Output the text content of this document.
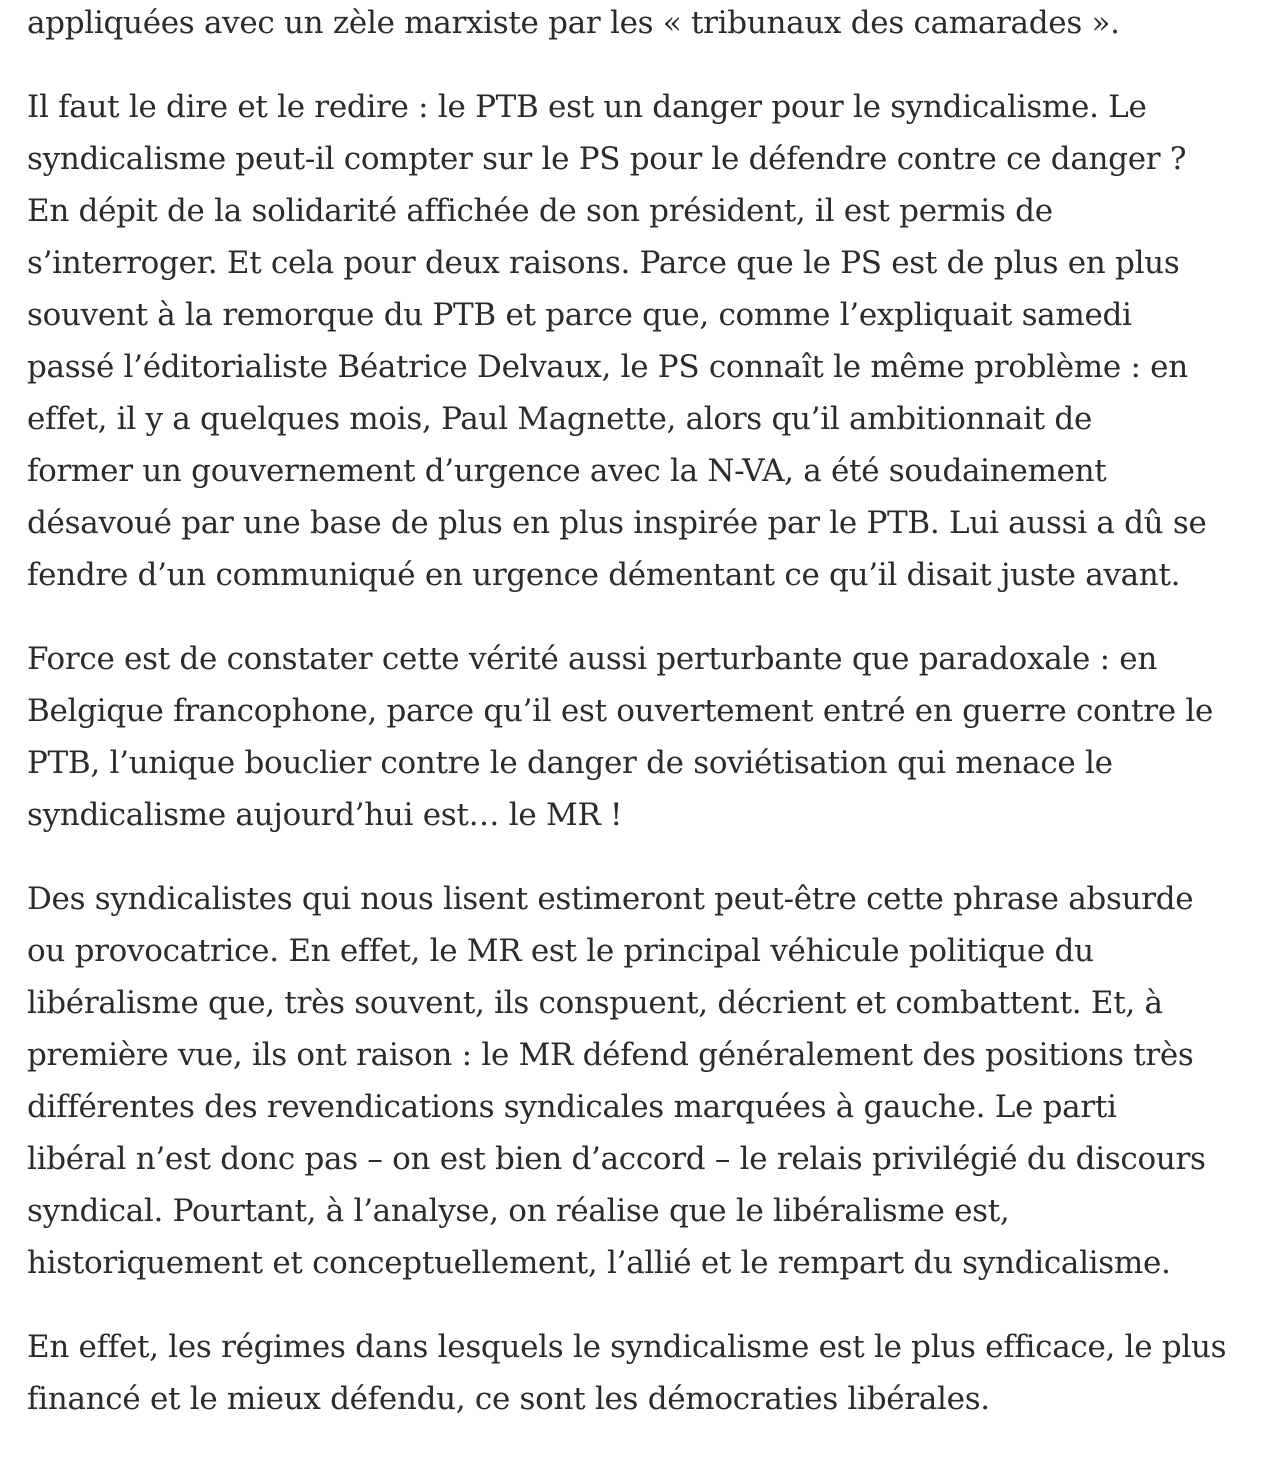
appliquées avec un zèle marxiste par les « tribunaux des camarades ».

Il faut le dire et le redire : le PTB est un danger pour le syndicalisme. Le
syndicalisme peut-il compter sur le PS pour le défendre contre ce danger ?
En dépit de la solidarité affichée de son président, il est permis de
s’interroger. Et cela pour deux raisons. Parce que le PS est de plus en plus
souvent à la remorque du PTB et parce que, comme l’expliquait samedi
passé l’éditorialiste Béatrice Delvaux, le PS connaît le même problème : en
effet, il y a quelques mois, Paul Magnette, alors qu’il ambitionnait de
former un gouvernement d’urgence avec la N-VA, a été soudainement
désavoué par une base de plus en plus inspirée par le PTB. Lui aussi a dû se
fendre d’un communiqué en urgence démentant ce qu’il disait juste avant.

Force est de constater cette vérité aussi perturbante que paradoxale : en
Belgique francophone, parce qu’il est ouvertement entré en guerre contre le
PTB, l’unique bouclier contre le danger de soviétisation qui menace le
syndicalisme aujourd’hui est… le MR !

Des syndicalistes qui nous lisent estimeront peut-être cette phrase absurde
ou provocatrice. En effet, le MR est le principal véhicule politique du
libéralisme que, très souvent, ils conspuent, décrient et combattent. Et, à
première vue, ils ont raison : le MR défend généralement des positions très
différentes des revendications syndicales marquées à gauche. Le parti
libéral n’est donc pas – on est bien d’accord – le relais privilégié du discours
syndical. Pourtant, à l’analyse, on réalise que le libéralisme est,
historiquement et conceptuellement, l’allié et le rempart du syndicalisme.

En effet, les régimes dans lesquels le syndicalisme est le plus efficace, le plus
financé et le mieux défendu, ce sont les démocraties libérales.
